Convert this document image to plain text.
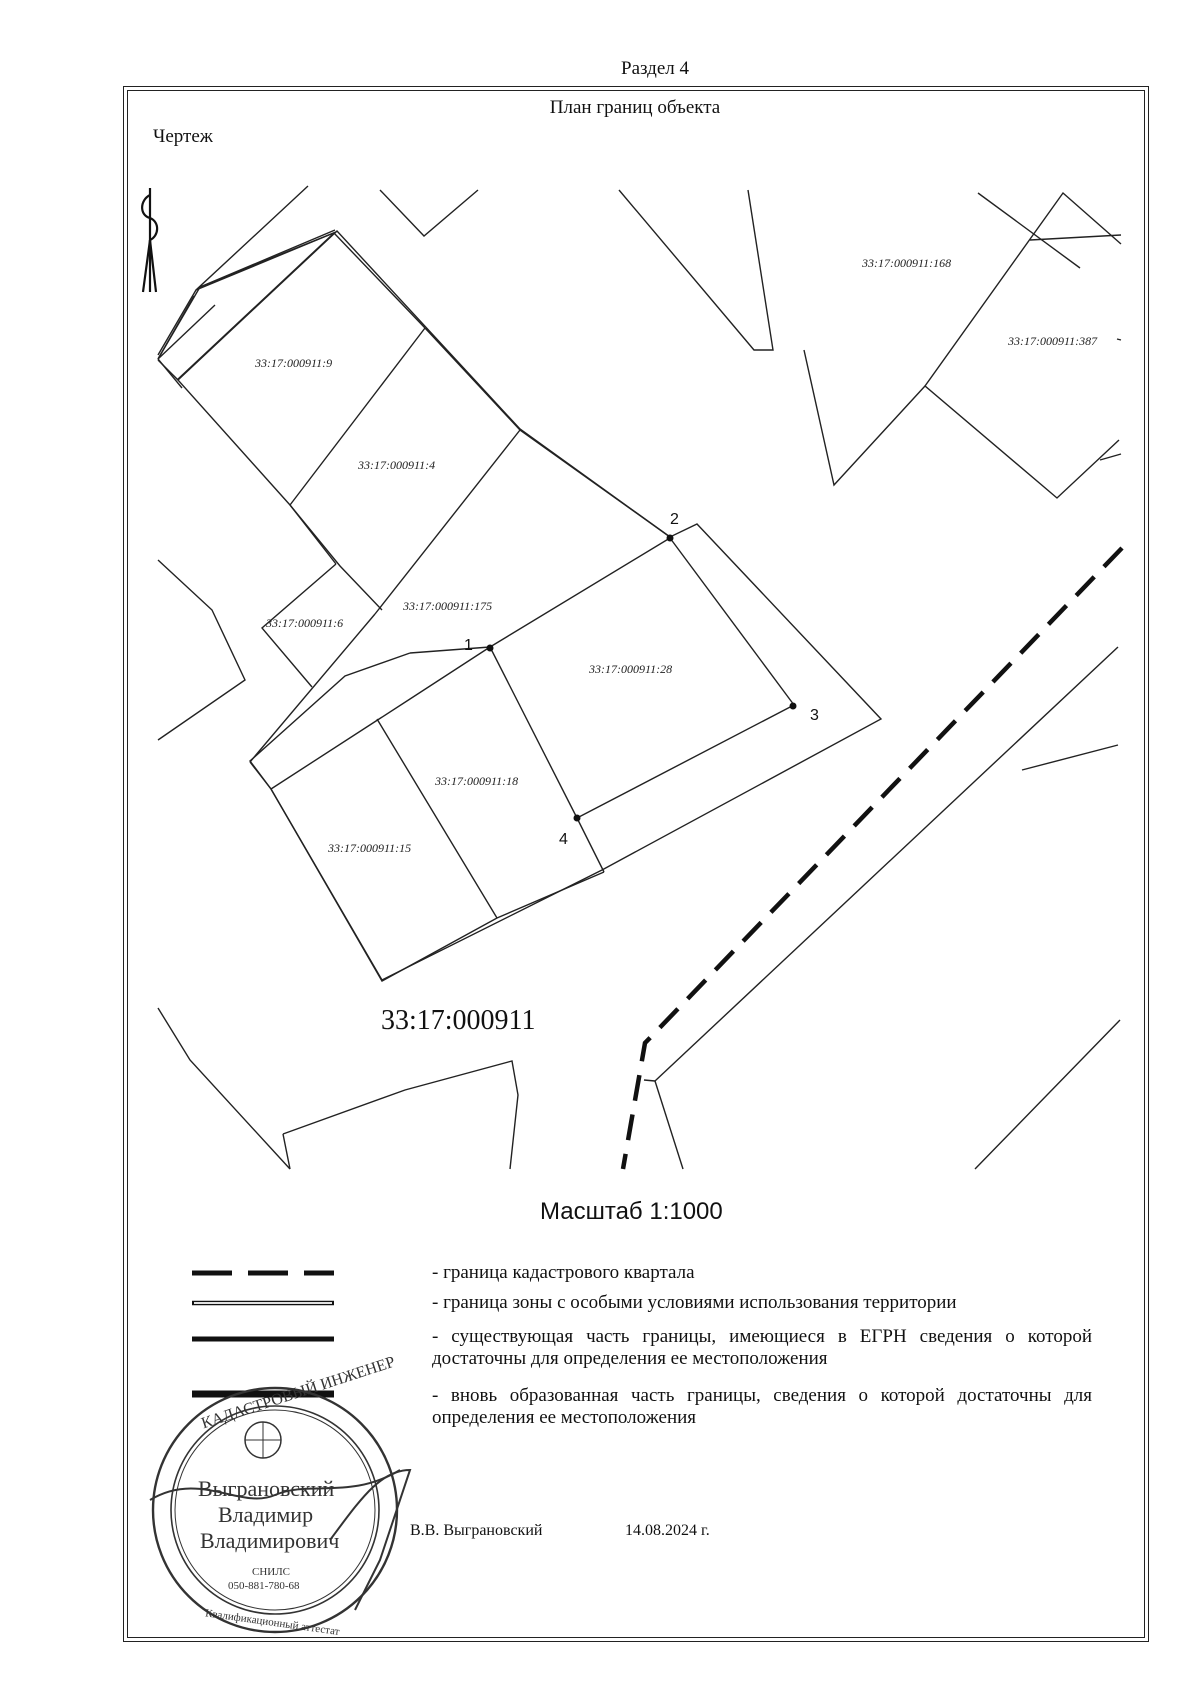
Раздел 4
План границ объекта
Чертеж
33:17:000911:9
33:17:000911:4
33:17:000911:175
33:17:000911:6
33:17:000911:28
33:17:000911:18
33:17:000911:15
33:17:000911:168
33:17:000911:387
1
2
3
4
33:17:000911
КАДАСТРОВЫЙ ИНЖЕНЕР
Выграновский
Владимир
Владимирович
СНИЛС
050-881-780-68
Квалификационный аттестат
Масштаб 1:1000
- граница кадастрового квартала
- граница зоны с особыми условиями использования территории
- существующая часть границы, имеющиеся в ЕГРН сведения о которой достаточны для определения ее местоположения
- вновь образованная часть границы, сведения о которой достаточны для определения ее местоположения
В.В. Выграновский	14.08.2024 г.
